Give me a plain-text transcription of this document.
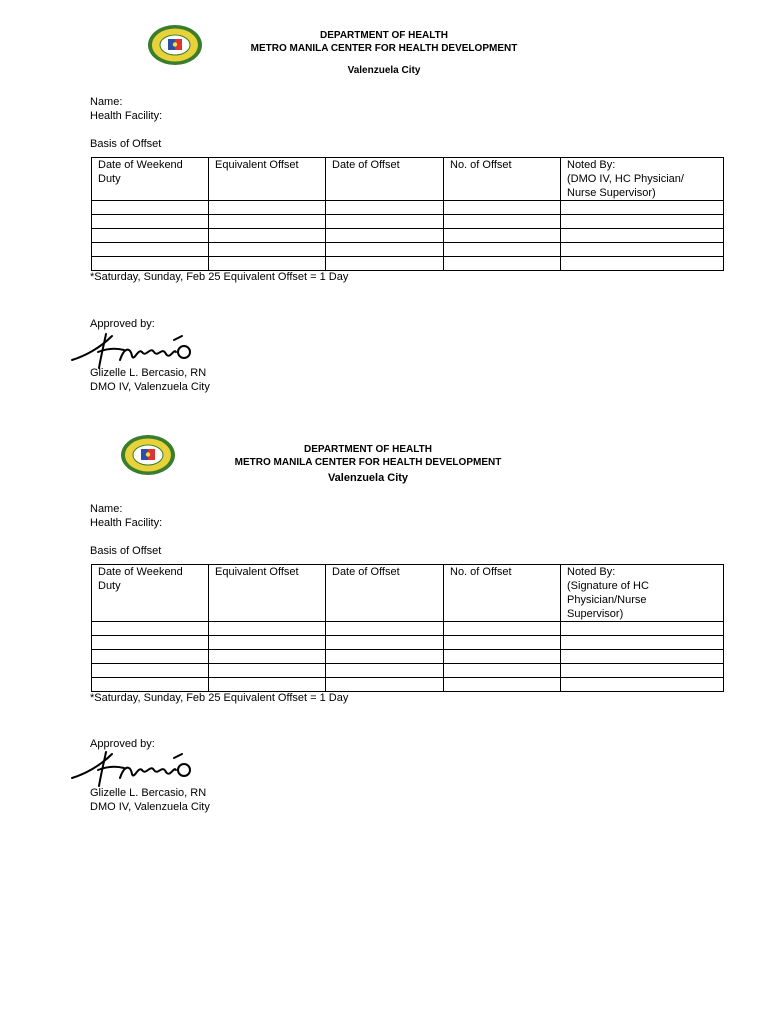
DEPARTMENT OF HEALTH
METRO MANILA CENTER FOR HEALTH DEVELOPMENT
Valenzuela City
Name:
Health Facility:
Basis of Offset
Date of Weekend Duty	Equivalent Offset	Date of Offset	No. of Offset	Noted By:
(DMO IV, HC Physician/
Nurse Supervisor)

*Saturday, Sunday, Feb 25 Equivalent Offset = 1 Day
Approved by:
Glizelle L. Bercasio, RN
DMO IV, Valenzuela City
DEPARTMENT OF HEALTH
METRO MANILA CENTER FOR HEALTH DEVELOPMENT
Valenzuela City
Name:
Health Facility:
Basis of Offset
Date of Weekend Duty	Equivalent Offset	Date of Offset	No. of Offset	Noted By:
(Signature of HC
Physician/Nurse
Supervisor)

*Saturday, Sunday, Feb 25 Equivalent Offset = 1 Day
Approved by:
Glizelle L. Bercasio, RN
DMO IV, Valenzuela City
